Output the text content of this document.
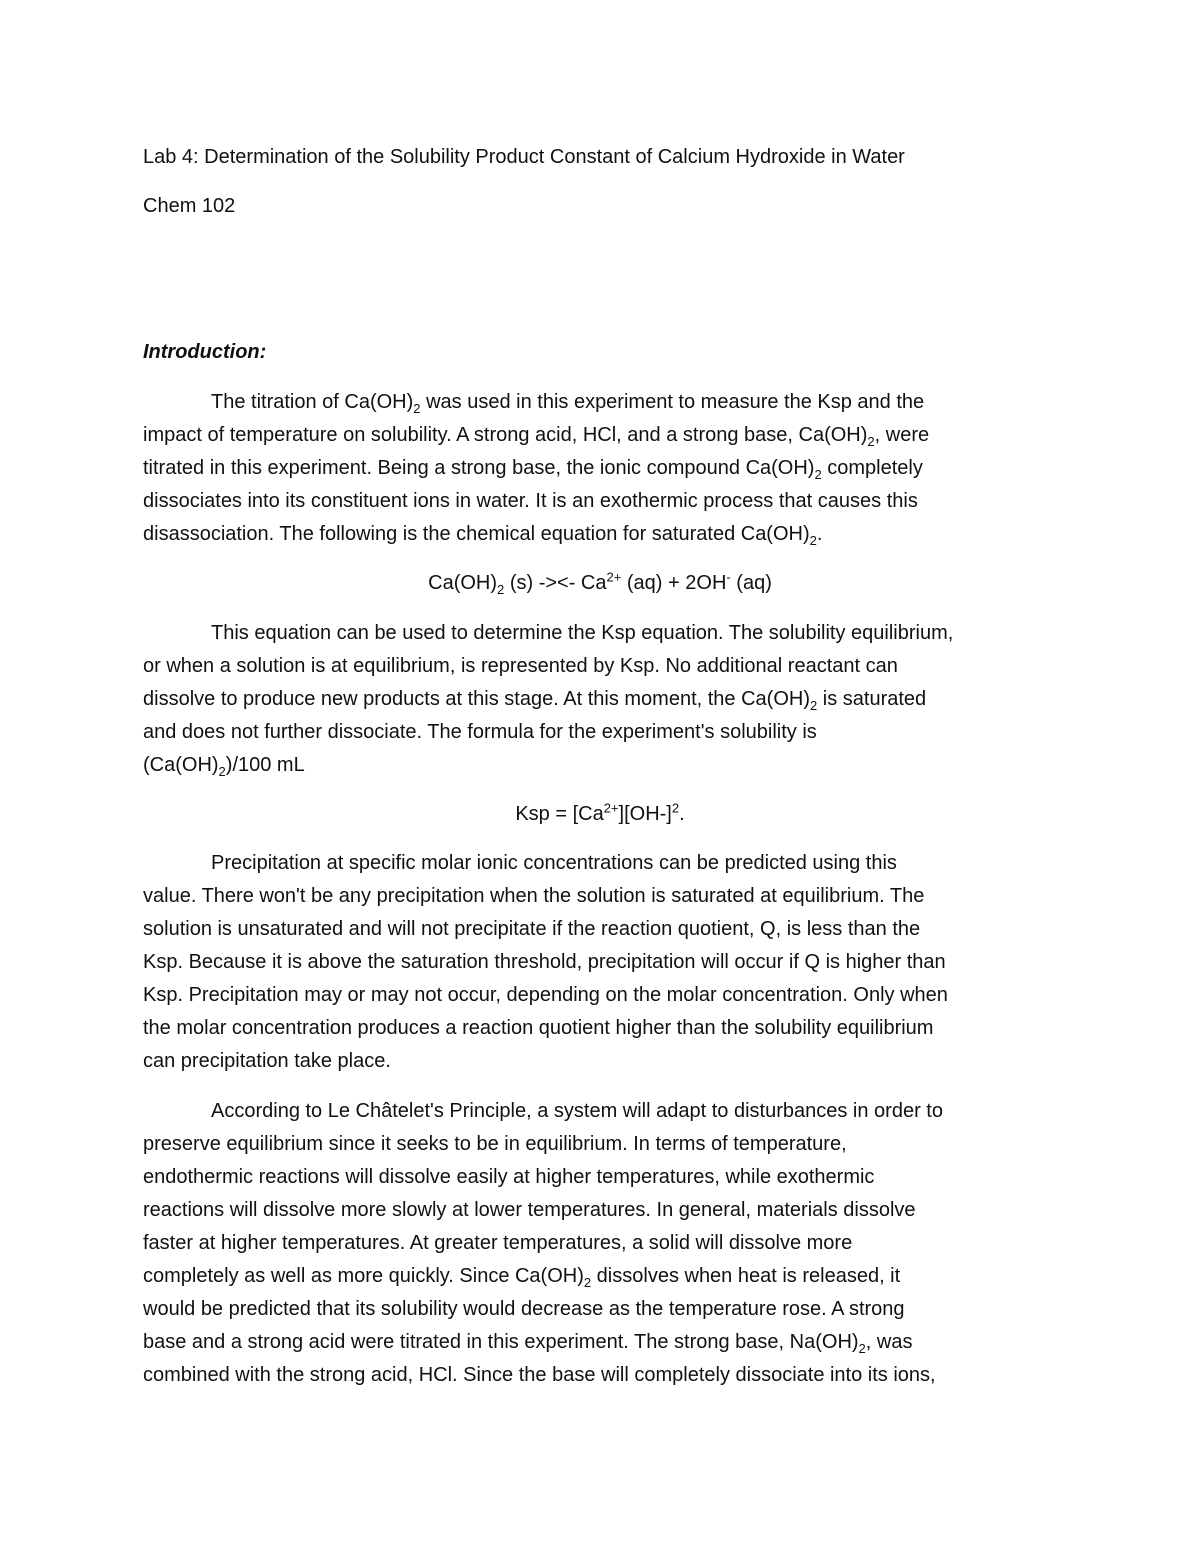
Lab 4: Determination of the Solubility Product Constant of Calcium Hydroxide in Water
Chem 102
Introduction:
The titration of $Ca(OH)_2$ was used in this experiment to measure the Ksp and the
impact of temperature on solubility. A strong acid, HCl, and a strong base, $Ca(OH)_2$, were
titrated in this experiment. Being a strong base, the ionic compound $Ca(OH)_2$ completely
dissociates into its constituent ions in water. It is an exothermic process that causes this
disassociation. The following is the chemical equation for saturated $Ca(OH)_2$.
$Ca(OH)_2$ (s) -><- $Ca^{2+}$ (aq) + 2OH- (aq)
This equation can be used to determine the Ksp equation. The solubility equilibrium,
or when a solution is at equilibrium, is represented by Ksp. No additional reactant can
dissolve to produce new products at this stage. At this moment, the $Ca(OH)_2$ is saturated
and does not further dissociate. The formula for the experiment's solubility is
$(Ca(OH)_2)/100$ mL
Ksp = $[Ca^{2+}][OH-]^2$.
Precipitation at specific molar ionic concentrations can be predicted using this
value. There won't be any precipitation when the solution is saturated at equilibrium. The
solution is unsaturated and will not precipitate if the reaction quotient, Q, is less than the
Ksp. Because it is above the saturation threshold, precipitation will occur if Q is higher than
Ksp. Precipitation may or may not occur, depending on the molar concentration. Only when
the molar concentration produces a reaction quotient higher than the solubility equilibrium
can precipitation take place.
According to Le Châtelet's Principle, a system will adapt to disturbances in order to
preserve equilibrium since it seeks to be in equilibrium. In terms of temperature,
endothermic reactions will dissolve easily at higher temperatures, while exothermic
reactions will dissolve more slowly at lower temperatures. In general, materials dissolve
faster at higher temperatures. At greater temperatures, a solid will dissolve more
completely as well as more quickly. Since $Ca(OH)_2$ dissolves when heat is released, it
would be predicted that its solubility would decrease as the temperature rose. A strong
base and a strong acid were titrated in this experiment. The strong base, $Na(OH)_2$, was
combined with the strong acid, HCl. Since the base will completely dissociate into its ions,
